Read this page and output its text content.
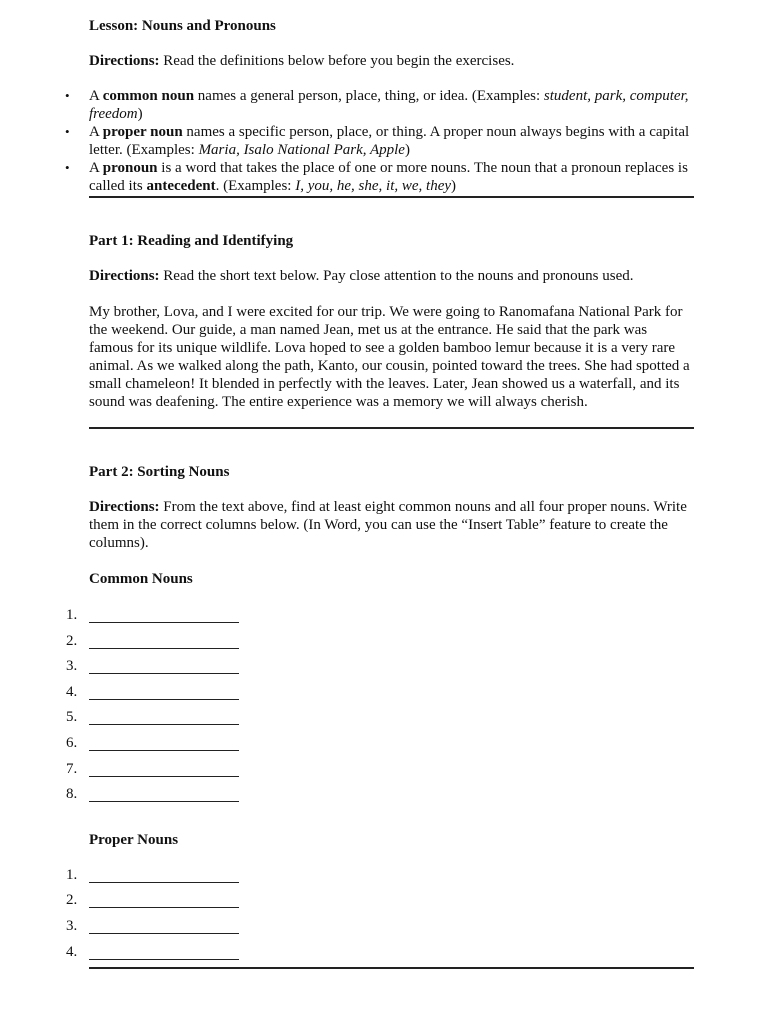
Lesson: Nouns and Pronouns

Directions: Read the definitions below before you begin the exercises.

• A common noun names a general person, place, thing, or idea. (Examples: student, park, computer, freedom)
• A proper noun names a specific person, place, or thing. A proper noun always begins with a capital letter. (Examples: Maria, Isalo National Park, Apple)
• A pronoun is a word that takes the place of one or more nouns. The noun that a pronoun replaces is called its antecedent. (Examples: I, you, he, she, it, we, they)
Part 1: Reading and Identifying

Directions: Read the short text below. Pay close attention to the nouns and pronouns used.

My brother, Lova, and I were excited for our trip. We were going to Ranomafana National Park for the weekend. Our guide, a man named Jean, met us at the entrance. He said that the park was famous for its unique wildlife. Lova hoped to see a golden bamboo lemur because it is a very rare animal. As we walked along the path, Kanto, our cousin, pointed toward the trees. She had spotted a small chameleon! It blended in perfectly with the leaves. Later, Jean showed us a waterfall, and its sound was deafening. The entire experience was a memory we will always cherish.

Part 2: Sorting Nouns

Directions: From the text above, find at least eight common nouns and all four proper nouns. Write them in the correct columns below. (In Word, you can use the “Insert Table” feature to create the columns).

Common Nouns
1.
2.
3.
4.
5.
6.
7.
8.
Proper Nouns
1.
2.
3.
4.
